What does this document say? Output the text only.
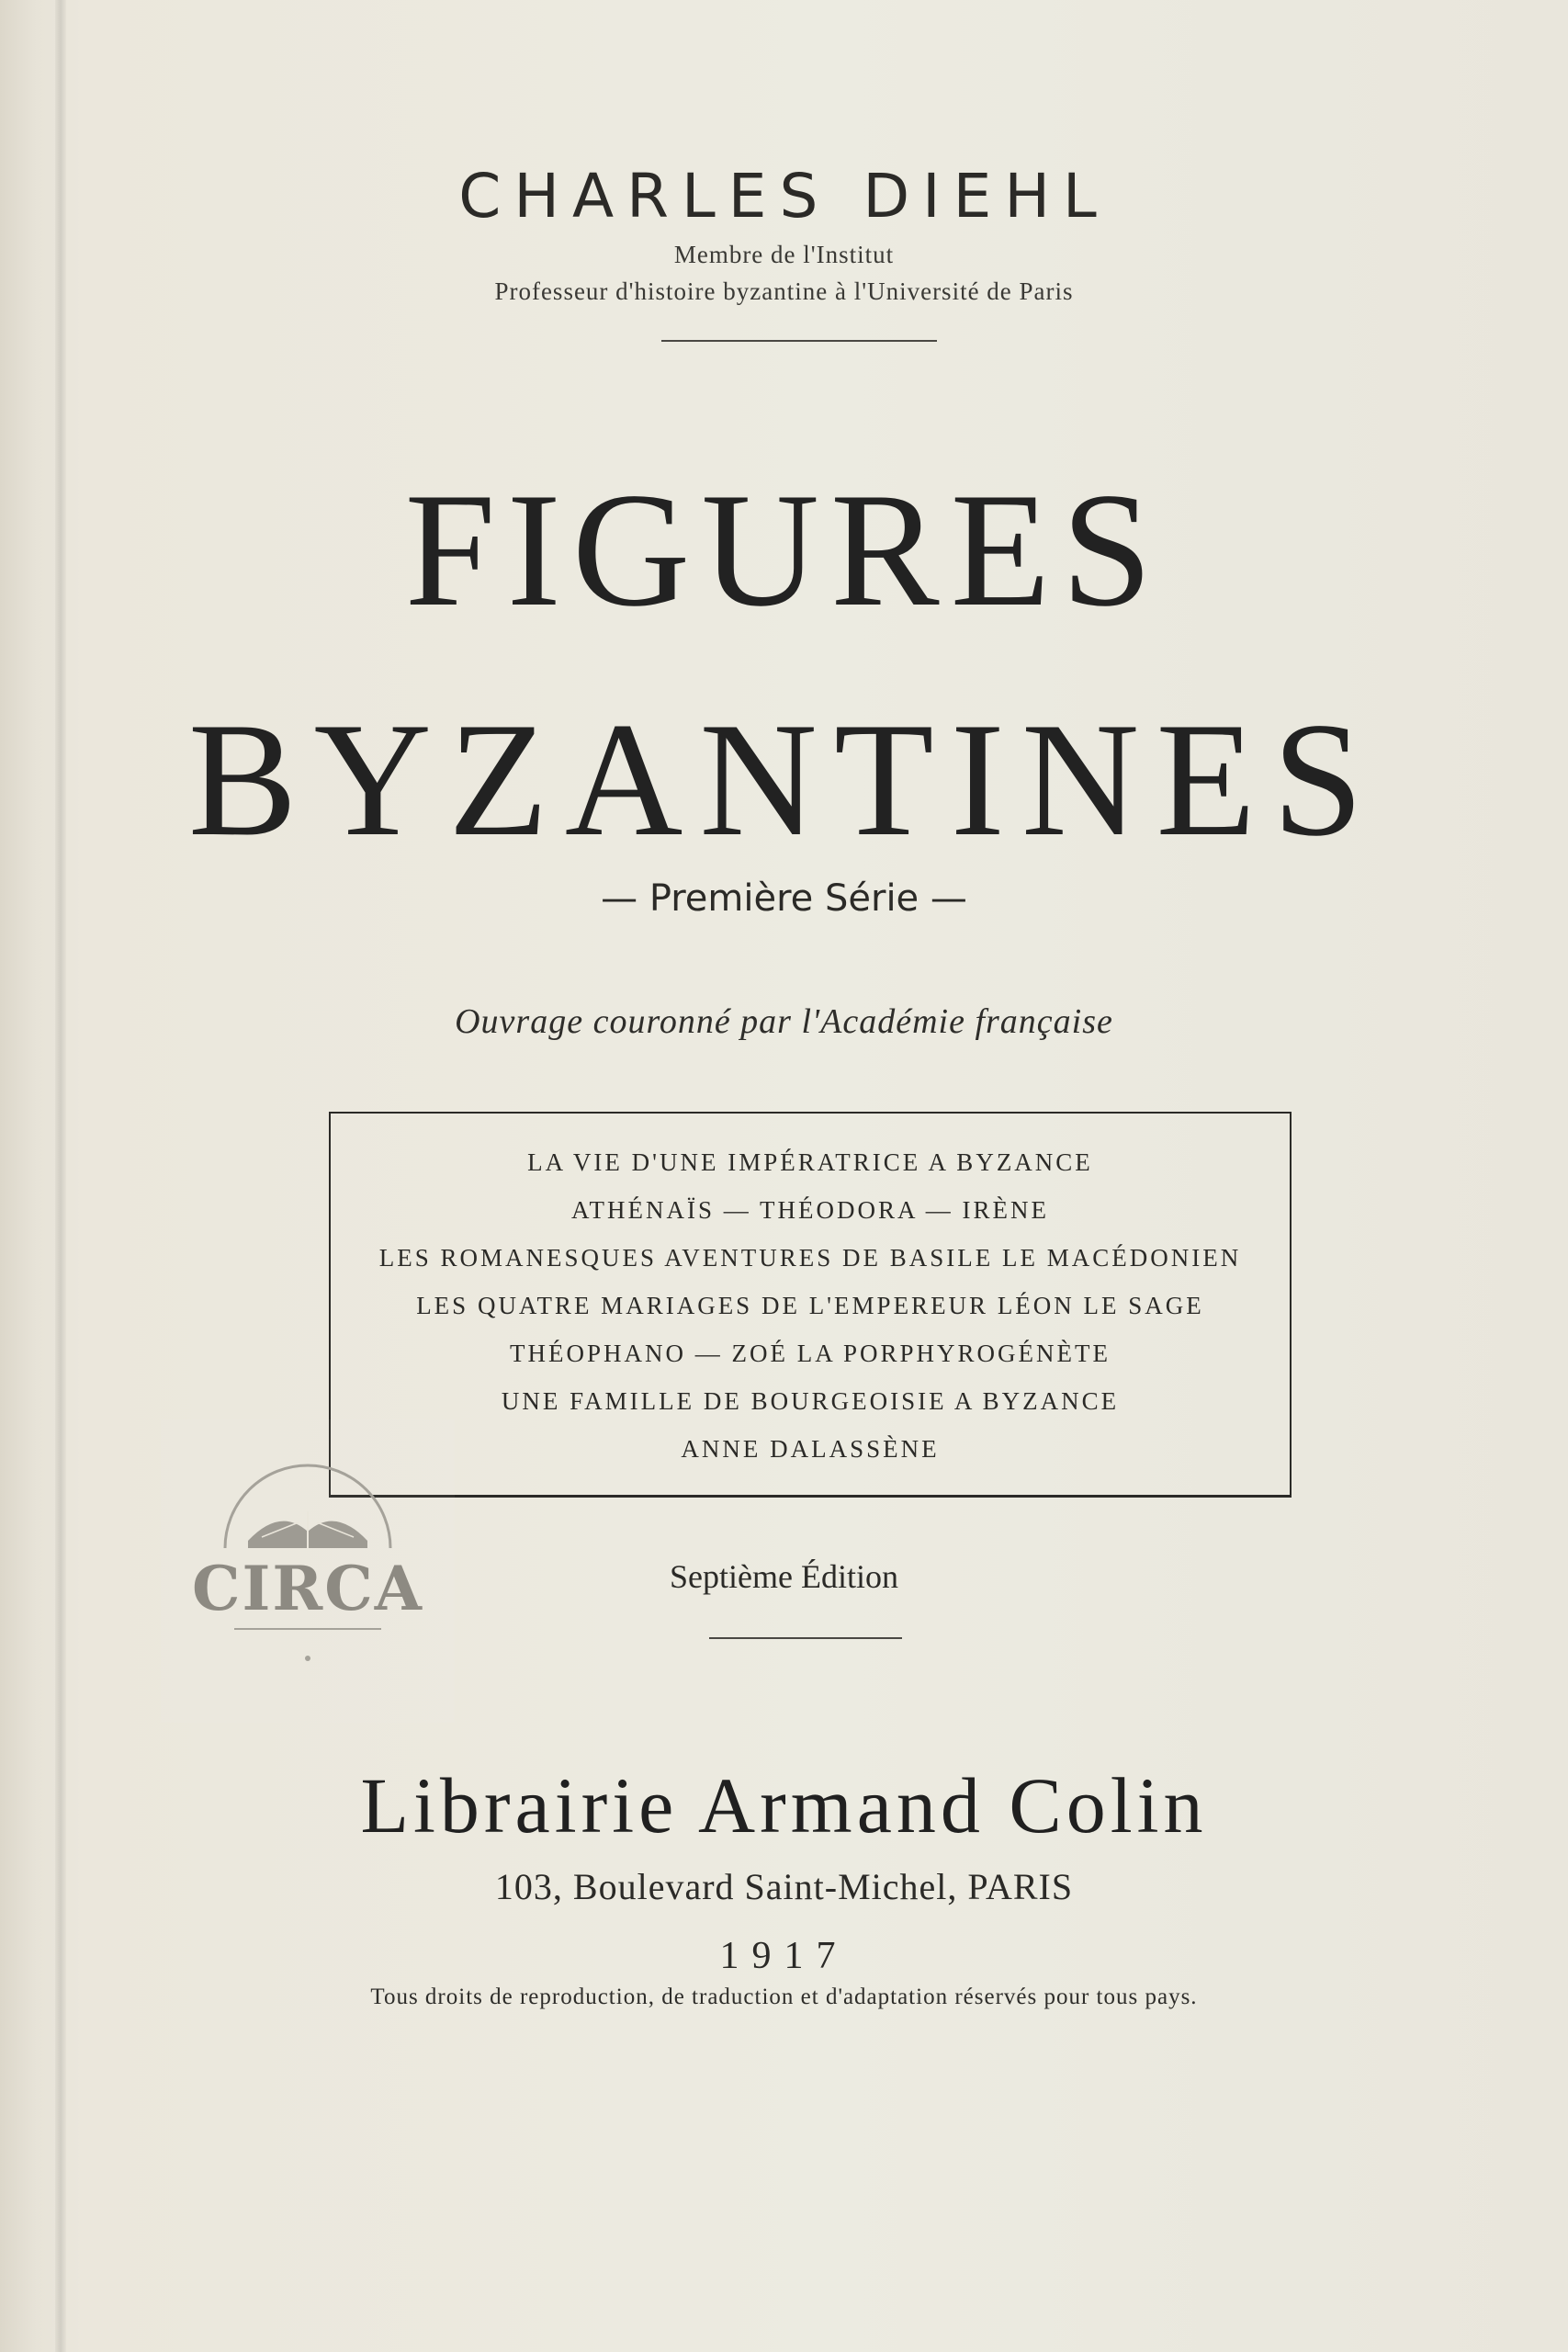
CHARLES DIEHL
Membre de l'Institut
Professeur d'histoire byzantine à l'Université de Paris
FIGURES
BYZANTINES
— Première Série —
Ouvrage couronné par l'Académie française
LA VIE D'UNE IMPÉRATRICE A BYZANCE
ATHÉNAÏS — THÉODORA — IRÈNE
LES ROMANESQUES AVENTURES DE BASILE LE MACÉDONIEN
LES QUATRE MARIAGES DE L'EMPEREUR LÉON LE SAGE
THÉOPHANO — ZOÉ LA PORPHYROGÉNÈTE
UNE FAMILLE DE BOURGEOISIE A BYZANCE
ANNE DALASSÈNE
Septième Édition
Librairie Armand Colin
103, Boulevard Saint-Michel, PARIS
1917
Tous droits de reproduction, de traduction et d'adaptation réservés pour tous pays.
CIRCA
